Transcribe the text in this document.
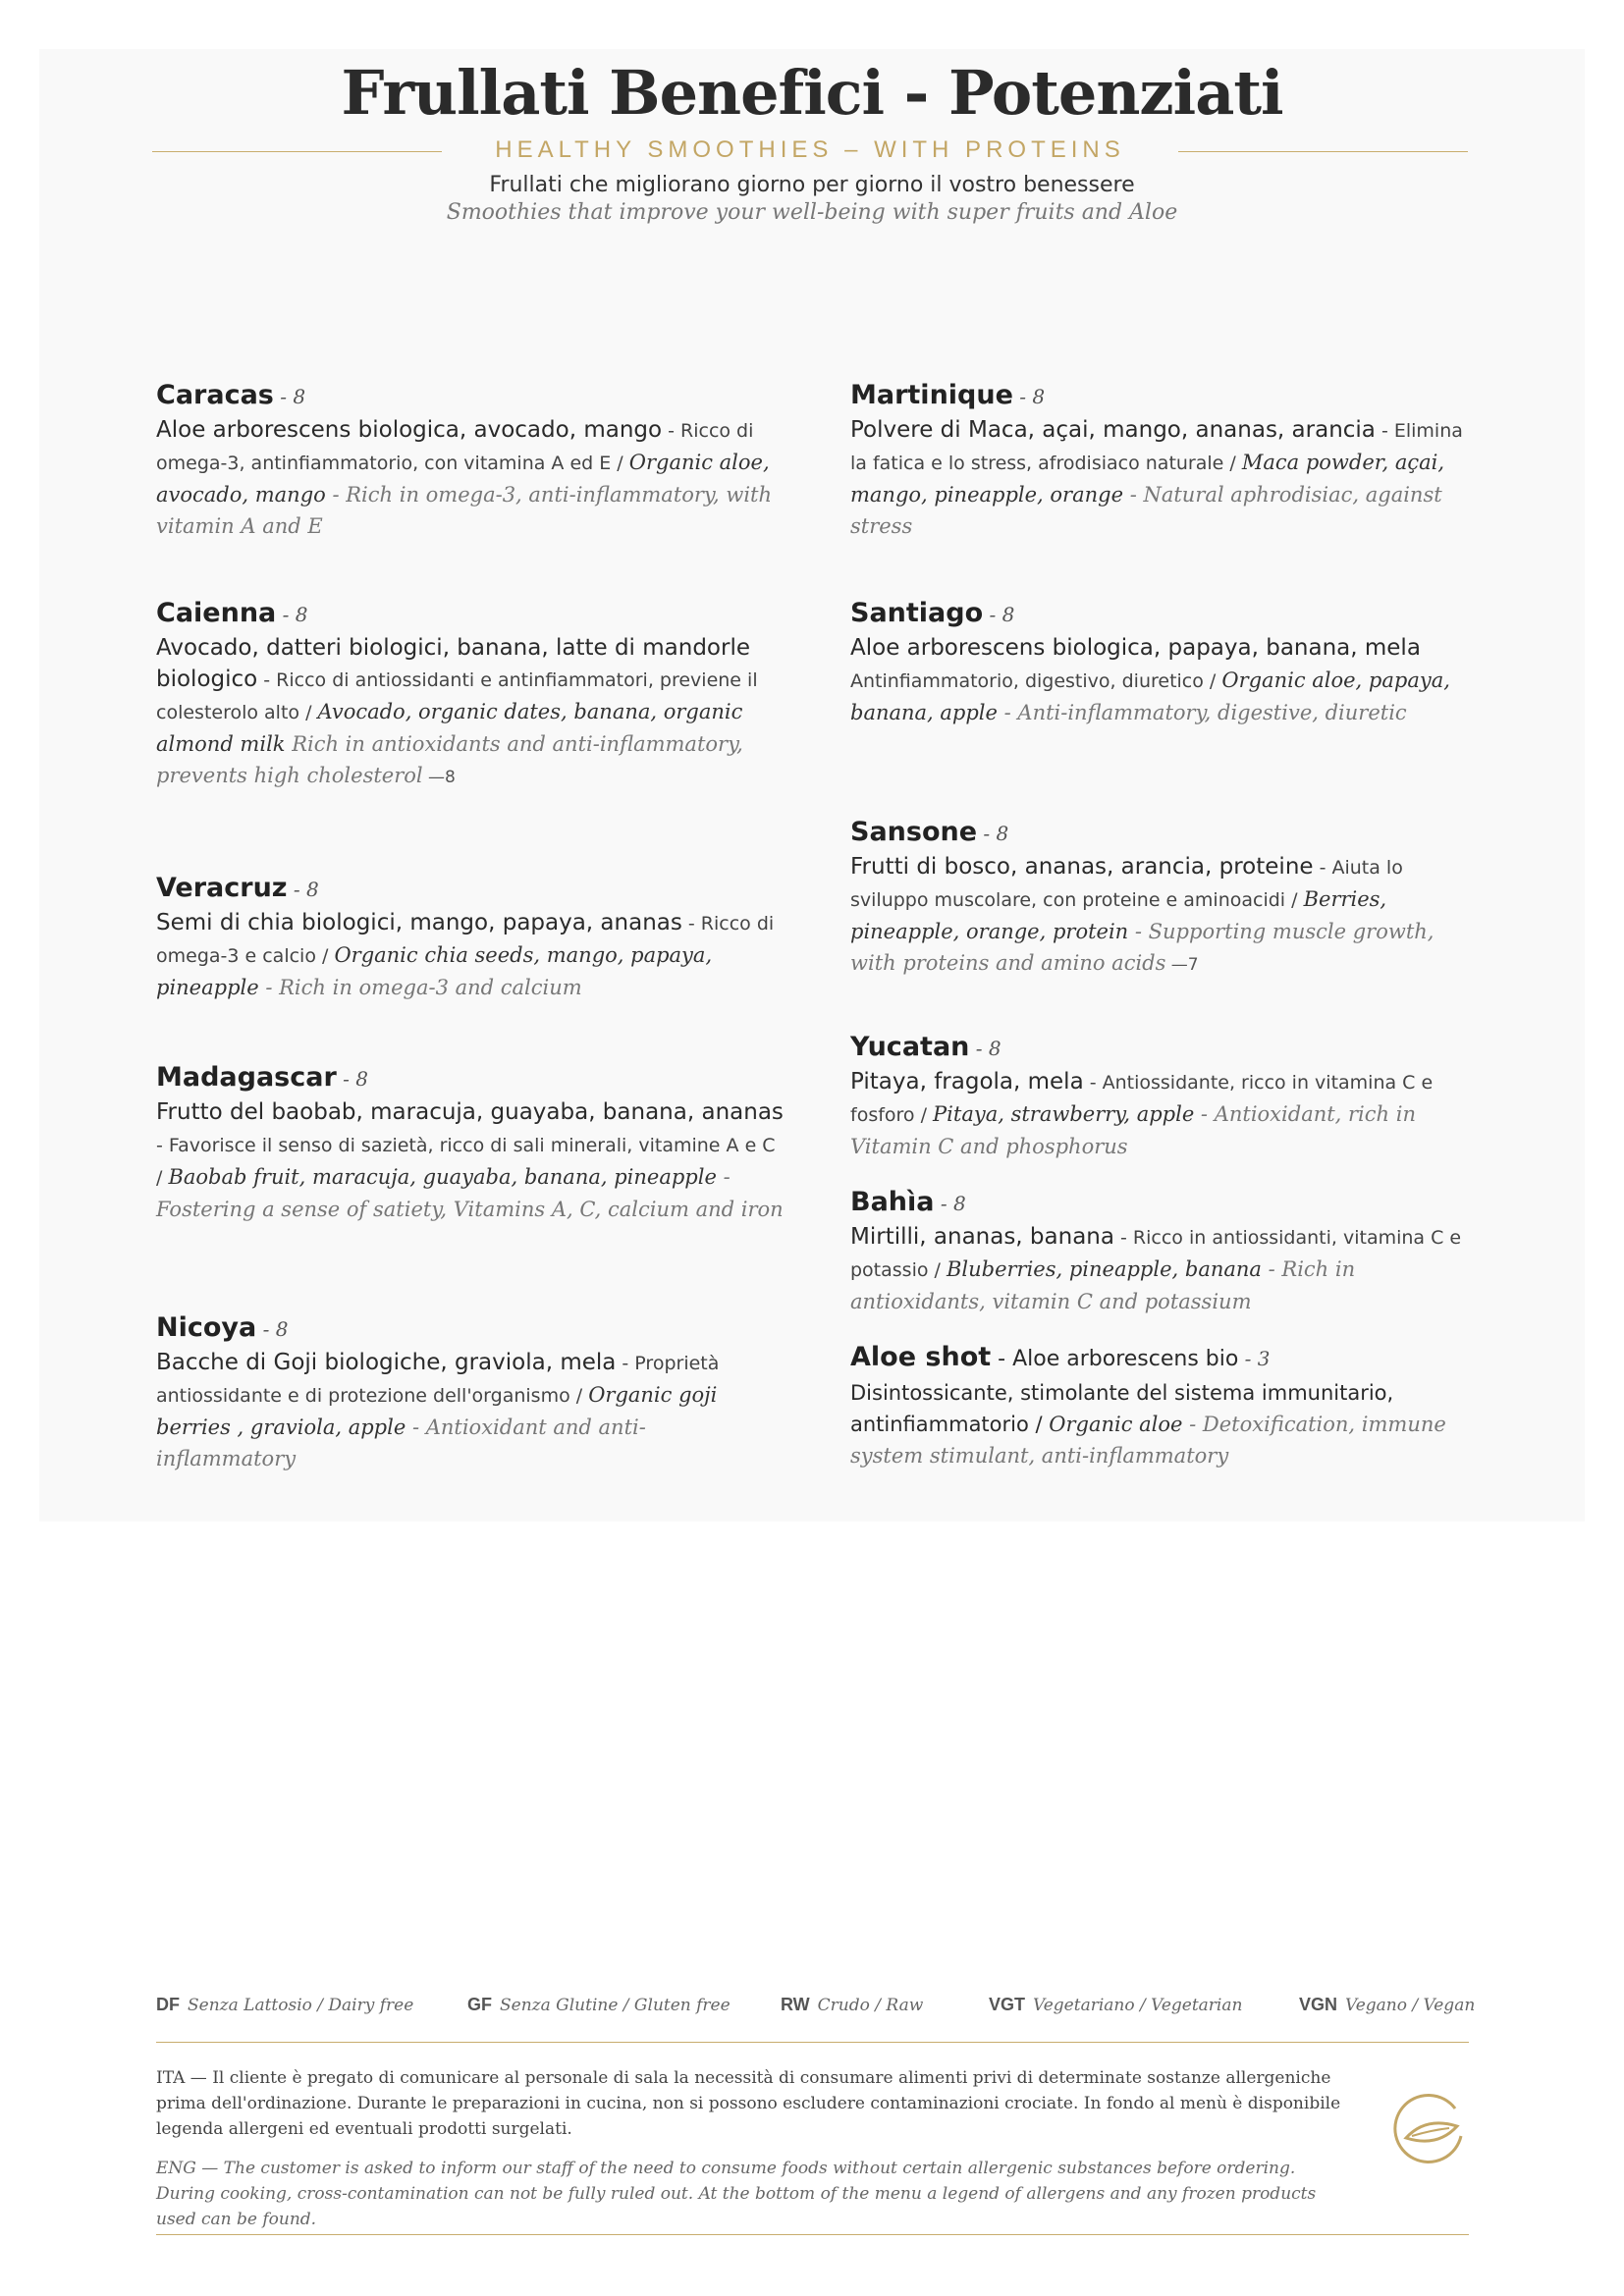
Frullati Benefici - Potenziati
HEALTHY SMOOTHIES – WITH PROTEINS
Frullati che migliorano giorno per giorno il vostro benessere
Smoothies that improve your well-being with super fruits and Aloe
Caracas - 8
Aloe arborescens biologica, avocado, mango - Ricco di omega-3, antinfiammatorio, con vitamina A ed E / Organic aloe, avocado, mango - Rich in omega-3, anti-inflammatory, with vitamin A and E
Caienna - 8
Avocado, datteri biologici, banana, latte di mandorle biologico - Ricco di antiossidanti e antinfiammatori, previene il colesterolo alto / Avocado, organic dates, banana, organic almond milk Rich in antioxidants and anti-inflammatory, prevents high cholesterol —8
Veracruz - 8
Semi di chia biologici, mango, papaya, ananas - Ricco di omega-3 e calcio / Organic chia seeds, mango, papaya, pineapple - Rich in omega-3 and calcium
Madagascar - 8
Frutto del baobab, maracuja, guayaba, banana, ananas - Favorisce il senso di sazietà, ricco di sali minerali, vitamine A e C / Baobab fruit, maracuja, guayaba, banana, pineapple - Fostering a sense of satiety, Vitamins A, C, calcium and iron
Nicoya - 8
Bacche di Goji biologiche, graviola, mela - Proprietà antiossidante e di protezione dell'organismo / Organic goji berries , graviola, apple - Antioxidant and anti-inflammatory
Martinique - 8
Polvere di Maca, açai, mango, ananas, arancia - Elimina la fatica e lo stress, afrodisiaco naturale / Maca powder, açai, mango, pineapple, orange - Natural aphrodisiac, against stress
Santiago - 8
Aloe arborescens biologica, papaya, banana, mela Antinfiammatorio, digestivo, diuretico / Organic aloe, papaya, banana, apple - Anti-inflammatory, digestive, diuretic
Sansone - 8
Frutti di bosco, ananas, arancia, proteine - Aiuta lo sviluppo muscolare, con proteine e aminoacidi / Berries, pineapple, orange, protein - Supporting muscle growth, with proteins and amino acids —7
Yucatan - 8
Pitaya, fragola, mela - Antiossidante, ricco in vitamina C e fosforo / Pitaya, strawberry, apple - Antioxidant, rich in Vitamin C and phosphorus
Bahìa - 8
Mirtilli, ananas, banana - Ricco in antiossidanti, vitamina C e potassio / Bluberries, pineapple, banana - Rich in antioxidants, vitamin C and potassium
Aloe shot - Aloe arborescens bio - 3
Disintossicante, stimolante del sistema immunitario, antinfiammatorio / Organic aloe - Detoxification, immune system stimulant, anti-inflammatory
DF Senza Lattosio / Dairy free	GF Senza Glutine / Gluten free	RW Crudo / Raw	VGT Vegetariano / Vegetarian	VGN Vegano / Vegan
ITA — Il cliente è pregato di comunicare al personale di sala la necessità di consumare alimenti privi di determinate sostanze allergeniche prima dell'ordinazione. Durante le preparazioni in cucina, non si possono escludere contaminazioni crociate. In fondo al menù è disponibile legenda allergeni ed eventuali prodotti surgelati.
ENG — The customer is asked to inform our staff of the need to consume foods without certain allergenic substances before ordering. During cooking, cross-contamination can not be fully ruled out. At the bottom of the menu a legend of allergens and any frozen products used can be found.
